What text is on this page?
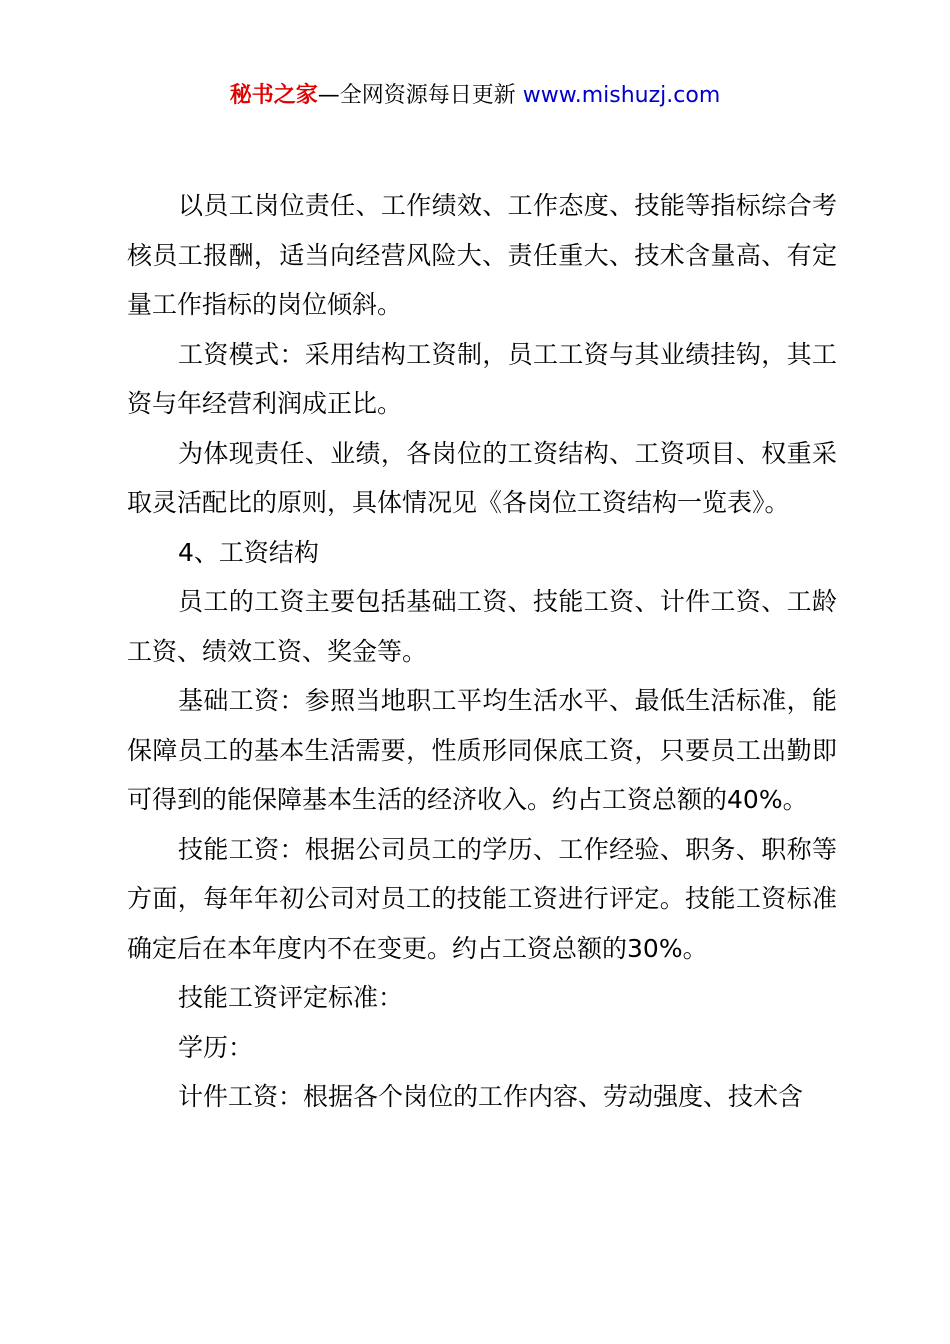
秘书之家—全网资源每日更新 www.mishuzj.com

以员工岗位责任、工作绩效、工作态度、技能等指标综合考核员工报酬，适当向经营风险大、责任重大、技术含量高、有定量工作指标的岗位倾斜。

工资模式：采用结构工资制，员工工资与其业绩挂钩，其工资与年经营利润成正比。

为体现责任、业绩，各岗位的工资结构、工资项目、权重采取灵活配比的原则，具体情况见《各岗位工资结构一览表》。

4、工资结构

员工的工资主要包括基础工资、技能工资、计件工资、工龄工资、绩效工资、奖金等。

基础工资：参照当地职工平均生活水平、最低生活标准，能保障员工的基本生活需要，性质形同保底工资，只要员工出勤即可得到的能保障基本生活的经济收入。约占工资总额的40%。

技能工资：根据公司员工的学历、工作经验、职务、职称等方面，每年年初公司对员工的技能工资进行评定。技能工资标准确定后在本年度内不在变更。约占工资总额的30%。

技能工资评定标准：

学历：

计件工资：根据各个岗位的工作内容、劳动强度、技术含
